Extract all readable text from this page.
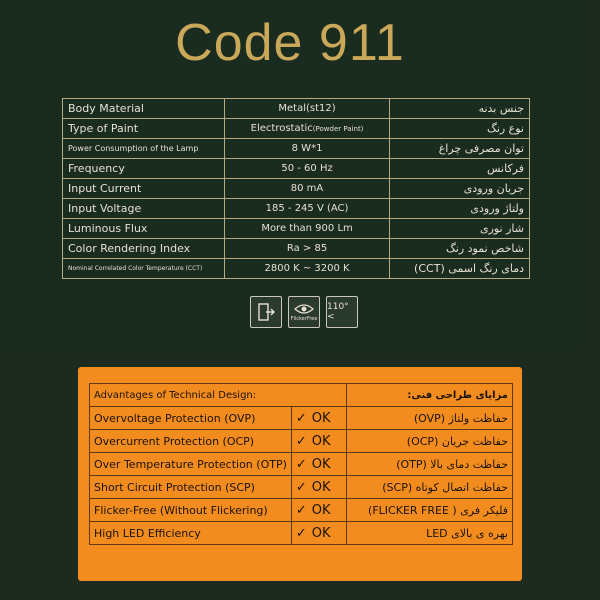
Code 911
Body Material	Metal(st12)	جنس بدنه
Type of Paint	Electrostatic(Powder Paint)	نوع رنگ
Power Consumption of the Lamp	8 W*1	توان مصرفی چراغ
Frequency	50 - 60 Hz	فرکانس
Input Current	80 mA	جریان ورودی
Input Voltage	185 - 245 V (AC)	ولتاژ ورودی
Luminous Flux	More than 900 Lm	شار نوری
Color Rendering Index	Ra > 85	شاخص نمود رنگ
Nominal Correlated Color Temperature (CCT)	2800 K ~ 3200 K	دمای رنگ اسمی (CCT)
FlickerFree
110° <
Advantages of Technical Design:		مزایای طراحی فنی:
Overvoltage Protection (OVP)	✓ OK	حفاظت ولتاژ (OVP)
Overcurrent Protection (OCP)	✓ OK	حفاظت جریان (OCP)
Over Temperature Protection (OTP)	✓ OK	حفاظت دمای بالا (OTP)
Short Circuit Protection (SCP)	✓ OK	حفاظت اتصال کوتاه (SCP)
Flicker-Free (Without Flickering)	✓ OK	فلیکر فری ( FLICKER FREE)
High LED Efficiency	✓ OK	بهره ی بالای LED
